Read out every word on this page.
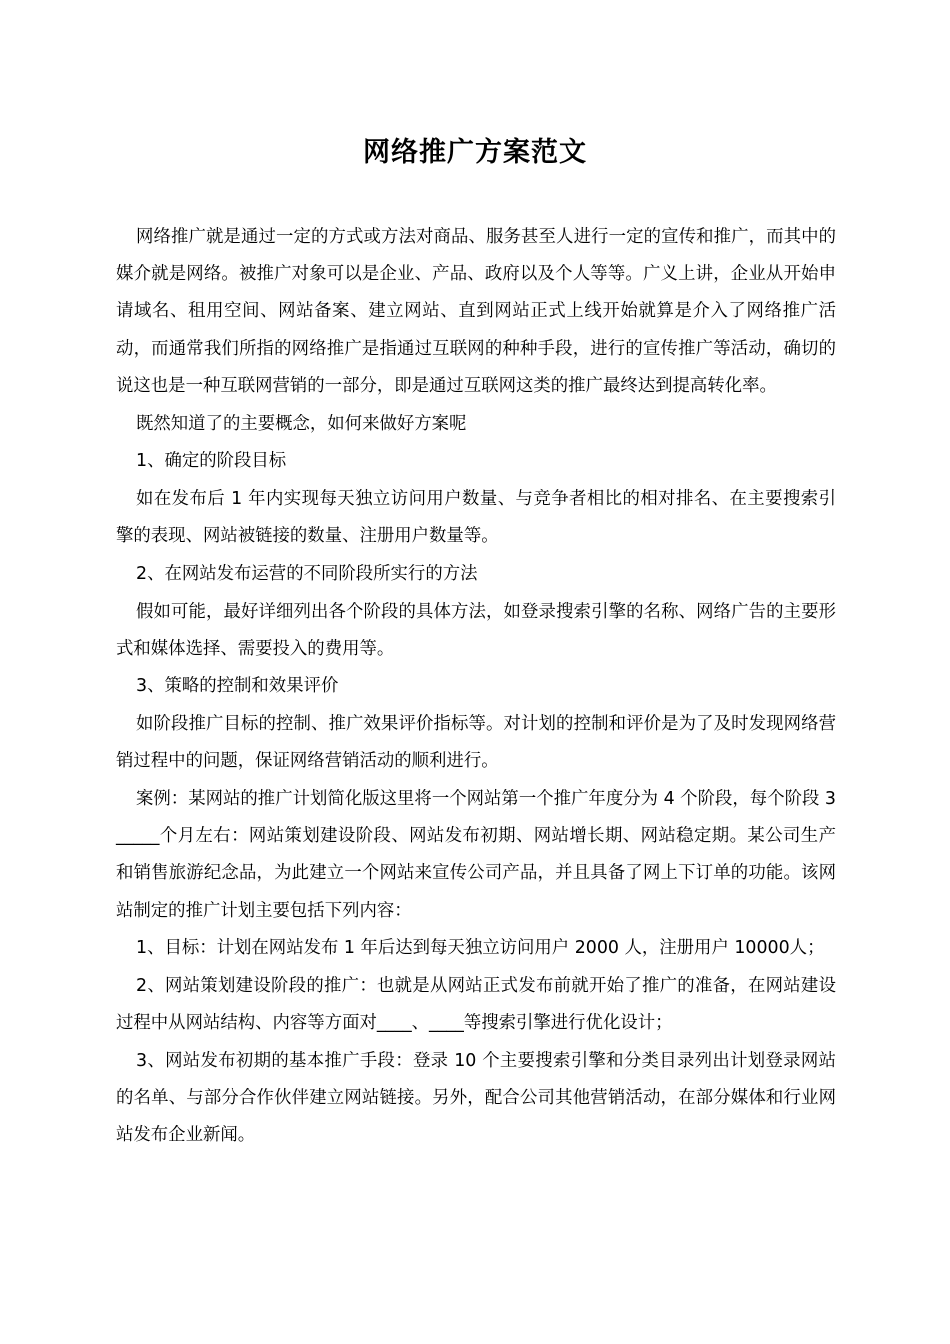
网络推广方案范文

网络推广就是通过一定的方式或方法对商品、服务甚至人进行一定的宣传和推广，而其中的媒介就是网络。被推广对象可以是企业、产品、政府以及个人等等。广义上讲，企业从开始申请域名、租用空间、网站备案、建立网站、直到网站正式上线开始就算是介入了网络推广活动，而通常我们所指的网络推广是指通过互联网的种种手段，进行的宣传推广等活动，确切的说这也是一种互联网营销的一部分，即是通过互联网这类的推广最终达到提高转化率。

既然知道了的主要概念，如何来做好方案呢

1、确定的阶段目标

如在发布后 1 年内实现每天独立访问用户数量、与竞争者相比的相对排名、在主要搜索引擎的表现、网站被链接的数量、注册用户数量等。

2、在网站发布运营的不同阶段所实行的方法

假如可能，最好详细列出各个阶段的具体方法，如登录搜索引擎的名称、网络广告的主要形式和媒体选择、需要投入的费用等。

3、策略的控制和效果评价

如阶段推广目标的控制、推广效果评价指标等。对计划的控制和评价是为了及时发现网络营销过程中的问题，保证网络营销活动的顺利进行。

案例：某网站的推广计划简化版这里将一个网站第一个推广年度分为 4 个阶段，每个阶段 3_____个月左右：网站策划建设阶段、网站发布初期、网站增长期、网站稳定期。某公司生产和销售旅游纪念品，为此建立一个网站来宣传公司产品，并且具备了网上下订单的功能。该网站制定的推广计划主要包括下列内容：

1、目标：计划在网站发布 1 年后达到每天独立访问用户 2000 人，注册用户 10000人；

2、网站策划建设阶段的推广：也就是从网站正式发布前就开始了推广的准备，在网站建设过程中从网站结构、内容等方面对____、____等搜索引擎进行优化设计；

3、网站发布初期的基本推广手段：登录 10 个主要搜索引擎和分类目录列出计划登录网站的名单、与部分合作伙伴建立网站链接。另外，配合公司其他营销活动，在部分媒体和行业网站发布企业新闻。
